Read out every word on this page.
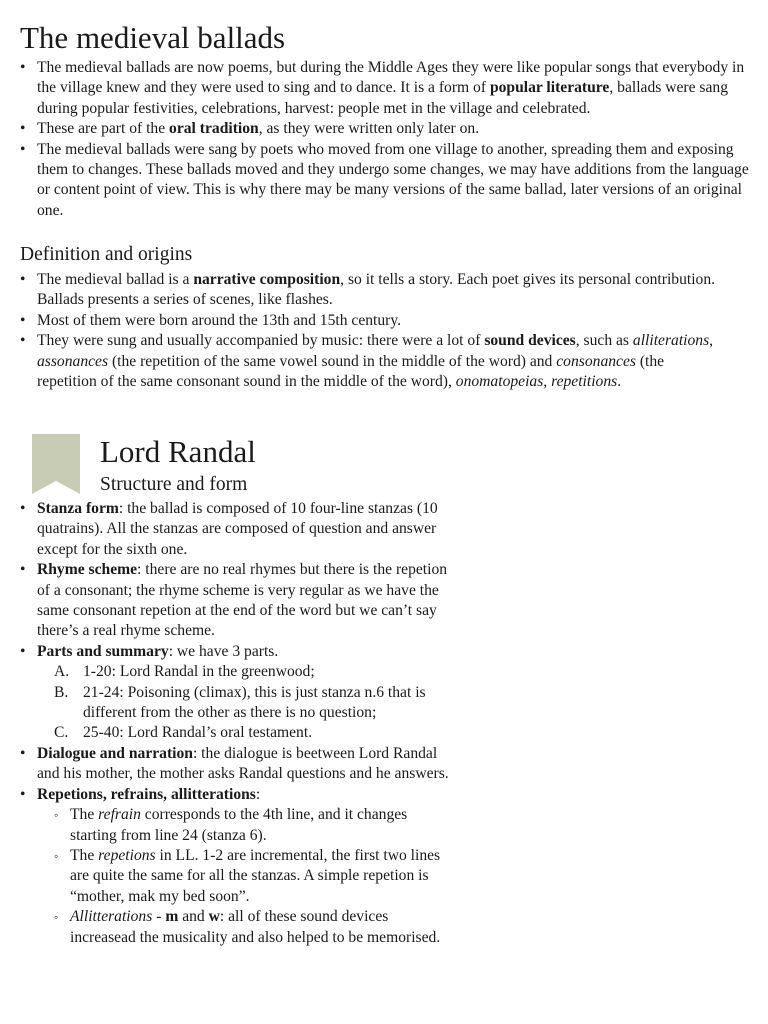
The medieval ballads
• The medieval ballads are now poems, but during the Middle Ages they were like popular songs that everybody in the village knew and they were used to sing and to dance. It is a form of popular literature, ballads were sang during popular festivities, celebrations, harvest: people met in the village and celebrated.
• These are part of the oral tradition, as they were written only later on.
• The medieval ballads were sang by poets who moved from one village to another, spreading them and exposing them to changes. These ballads moved and they undergo some changes, we may have additions from the language or content point of view. This is why there may be many versions of the same ballad, later versions of an original one.
Definition and origins
• The medieval ballad is a narrative composition, so it tells a story. Each poet gives its personal contribution. Ballads presents a series of scenes, like flashes.
• Most of them were born around the 13th and 15th century.
• They were sung and usually accompanied by music: there were a lot of sound devices, such as alliterations, assonances (the repetition of the same vowel sound in the middle of the word) and consonances (the repetition of the same consonant sound in the middle of the word), onomatopeias, repetitions.
Lord Randal
Structure and form
• Stanza form: the ballad is composed of 10 four-line stanzas (10 quatrains). All the stanzas are composed of question and answer except for the sixth one.
• Rhyme scheme: there are no real rhymes but there is the repetion of a consonant; the rhyme scheme is very regular as we have the same consonant repetion at the end of the word but we can’t say there’s a real rhyme scheme.
• Parts and summary: we have 3 parts.
A. 1-20: Lord Randal in the greenwood;
B. 21-24: Poisoning (climax), this is just stanza n.6 that is different from the other as there is no question;
C. 25-40: Lord Randal’s oral testament.
• Dialogue and narration: the dialogue is beetween Lord Randal and his mother, the mother asks Randal questions and he answers.
• Repetions, refrains, allitterations:
◦ The refrain corresponds to the 4th line, and it changes starting from line 24 (stanza 6).
◦ The repetions in LL. 1-2 are incremental, the first two lines are quite the same for all the stanzas. A simple repetion is “mother, mak my bed soon”.
◦ Allitterations - m and w: all of these sound devices increasead the musicality and also helped to be memorised.
